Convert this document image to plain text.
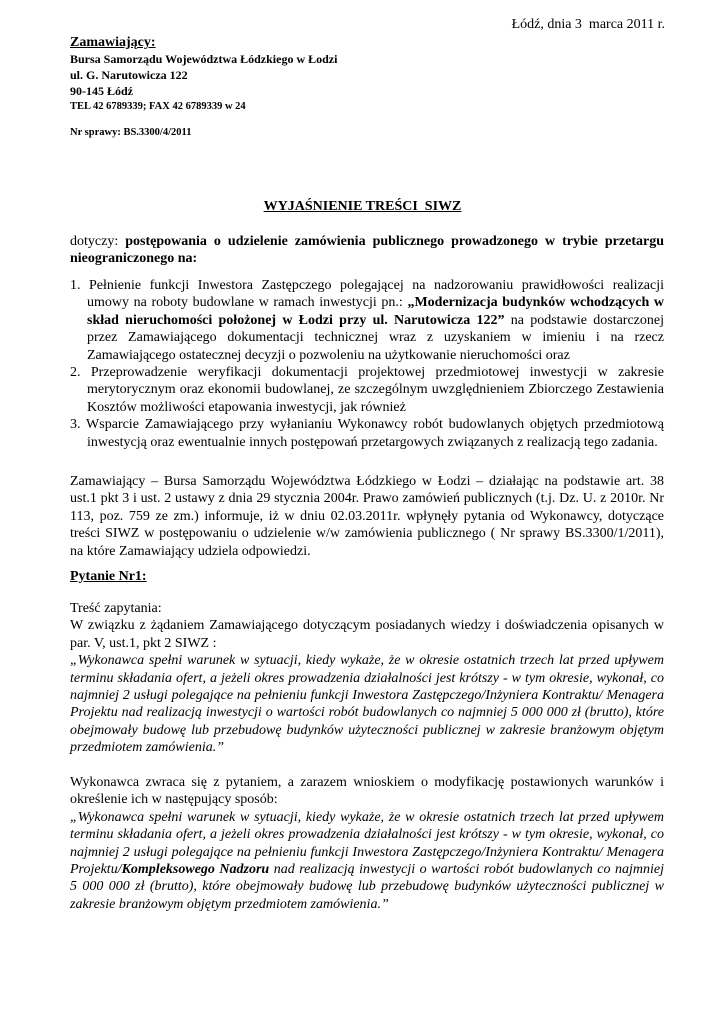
Łódź, dnia 3  marca 2011 r.
Zamawiający:
Bursa Samorządu Województwa Łódzkiego w Łodzi
ul. G. Narutowicza 122
90-145 Łódź
TEL 42 6789339; FAX 42 6789339 w 24
Nr sprawy: BS.3300/4/2011
WYJAŚNIENIE TREŚCI  SIWZ
dotyczy: postępowania o udzielenie zamówienia publicznego prowadzonego w trybie przetargu nieograniczonego na:
1. Pełnienie funkcji Inwestora Zastępczego polegającej na nadzorowaniu prawidłowości realizacji umowy na roboty budowlane w ramach inwestycji pn.: „Modernizacja budynków wchodzących w skład nieruchomości położonej w Łodzi przy ul. Narutowicza 122” na podstawie dostarczonej przez Zamawiającego dokumentacji technicznej wraz z uzyskaniem w imieniu i na rzecz Zamawiającego ostatecznej decyzji o pozwoleniu na użytkowanie nieruchomości oraz
2. Przeprowadzenie weryfikacji dokumentacji projektowej przedmiotowej inwestycji w zakresie merytorycznym oraz ekonomii budowlanej, ze szczególnym uwzględnieniem Zbiorczego Zestawienia Kosztów możliwości etapowania inwestycji, jak również
3. Wsparcie Zamawiającego przy wyłanianiu Wykonawcy robót budowlanych objętych przedmiotową inwestycją oraz ewentualnie innych postępowań przetargowych związanych z realizacją tego zadania.
Zamawiający – Bursa Samorządu Województwa Łódzkiego w Łodzi – działając na podstawie art. 38 ust.1 pkt 3 i ust. 2 ustawy z dnia 29 stycznia 2004r. Prawo zamówień publicznych (t.j. Dz. U. z 2010r. Nr 113, poz. 759 ze zm.) informuje, iż w dniu 02.03.2011r. wpłynęły pytania od Wykonawcy, dotyczące treści SIWZ w postępowaniu o udzielenie w/w zamówienia publicznego ( Nr sprawy BS.3300/1/2011), na które Zamawiający udziela odpowiedzi.
Pytanie Nr1:
Treść zapytania:
W związku z żądaniem Zamawiającego dotyczącym posiadanych wiedzy i doświadczenia opisanych w par. V, ust.1, pkt 2 SIWZ :
„Wykonawca spełni warunek w sytuacji, kiedy wykaże, że w okresie ostatnich trzech lat przed upływem terminu składania ofert, a jeżeli okres prowadzenia działalności jest krótszy - w tym okresie, wykonał, co najmniej 2 usługi polegające na pełnieniu funkcji Inwestora Zastępczego/Inżyniera Kontraktu/ Menagera Projektu nad realizacją inwestycji o wartości robót budowlanych co najmniej 5 000 000 zł (brutto), które obejmowały budowę lub przebudowę budynków użyteczności publicznej w zakresie branżowym objętym przedmiotem zamówienia.”
Wykonawca zwraca się z pytaniem, a zarazem wnioskiem o modyfikację postawionych warunków i określenie ich w następujący sposób:
„Wykonawca spełni warunek w sytuacji, kiedy wykaże, że w okresie ostatnich trzech lat przed upływem terminu składania ofert, a jeżeli okres prowadzenia działalności jest krótszy - w tym okresie, wykonał, co najmniej 2 usługi polegające na pełnieniu funkcji Inwestora Zastępczego/Inżyniera Kontraktu/ Menagera Projektu/Kompleksowego Nadzoru nad realizacją inwestycji o wartości robót budowlanych co najmniej 5 000 000 zł (brutto), które obejmowały budowę lub przebudowę budynków użyteczności publicznej w zakresie branżowym objętym przedmiotem zamówienia.”
